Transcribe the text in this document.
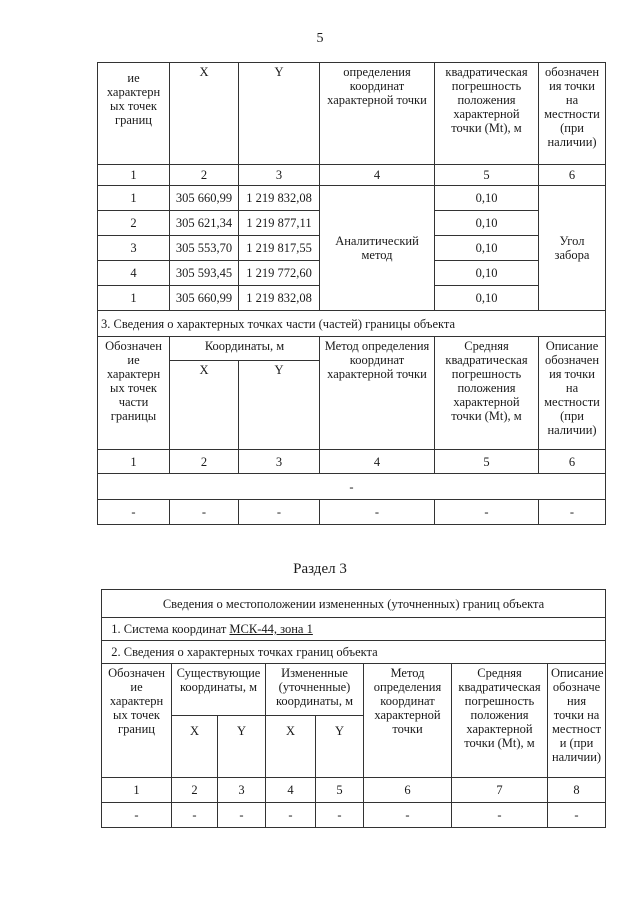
5
ие характерн ых точек границ	X	Y	определения координат характерной точки	квадратическая погрешность положения характерной точки (Mt), м	обозначен ия точки на местности (при наличии)
1	2	3	4	5	6
1	305 660,99	1 219 832,08	Аналитический метод	0,10	Угол забора
2	305 621,34	1 219 877,11		0,10	
3	305 553,70	1 219 817,55		0,10	
4	305 593,45	1 219 772,60		0,10	
1	305 660,99	1 219 832,08		0,10	
3. Сведения о характерных точках части (частей) границы объекта					
Обозначен ие характерн ых точек части границы	Координаты, м		Метод определения координат характерной точки	Средняя квадратическая погрешность положения характерной точки (Mt), м	Описание обозначен ия точки на местности (при наличии)
	X	Y			
1	2	3	4	5	6
-					
-	-	-	-	-	-
Раздел 3
Сведения о местоположении измененных (уточненных) границ объекта							
1. Система координат МСК-44, зона 1							
2. Сведения о характерных точках границ объекта							
Обозначен ие характерн ых точек границ	Существующие координаты, м		Измененные (уточненные) координаты, м		Метод определения координат характерной точки	Средняя квадратическая погрешность положения характерной точки (Mt), м	Описание обозначе ния точки на местност и (при наличии)
	X	Y	X	Y			
1	2	3	4	5	6	7	8
-	-	-	-	-	-	-	-
